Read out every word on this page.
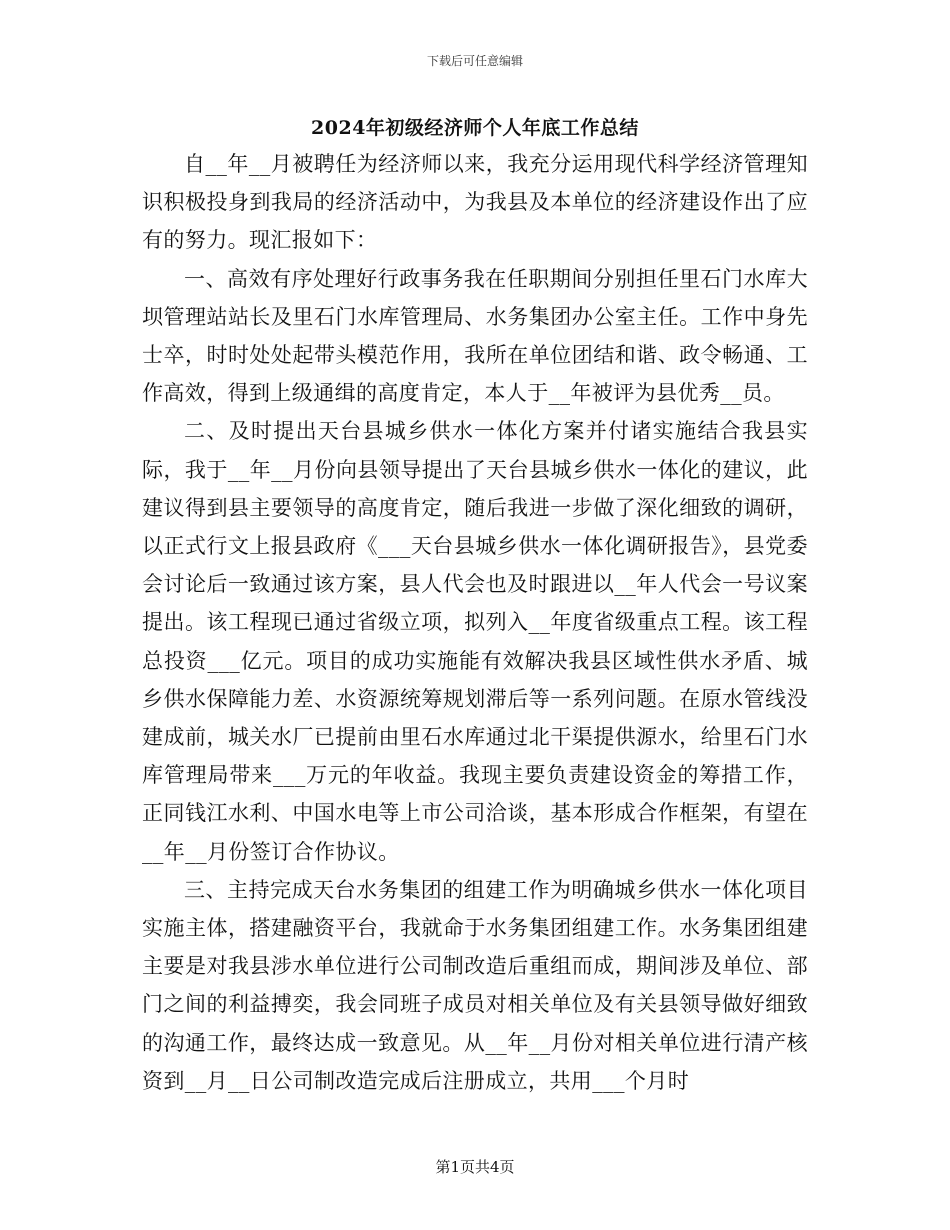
下载后可任意编辑
2024年初级经济师个人年底工作总结

自__年__月被聘任为经济师以来，我充分运用现代科学经济管理知识积极投身到我局的经济活动中，为我县及本单位的经济建设作出了应有的努力。现汇报如下：

一、高效有序处理好行政事务我在任职期间分别担任里石门水库大坝管理站站长及里石门水库管理局、水务集团办公室主任。工作中身先士卒，时时处处起带头模范作用，我所在单位团结和谐、政令畅通、工作高效，得到上级通缉的高度肯定，本人于__年被评为县优秀__员。

二、及时提出天台县城乡供水一体化方案并付诸实施结合我县实际，我于__年__月份向县领导提出了天台县城乡供水一体化的建议，此建议得到县主要领导的高度肯定，随后我进一步做了深化细致的调研，以正式行文上报县政府《___天台县城乡供水一体化调研报告》，县党委会讨论后一致通过该方案，县人代会也及时跟进以__年人代会一号议案提出。该工程现已通过省级立项，拟列入__年度省级重点工程。该工程总投资___亿元。项目的成功实施能有效解决我县区域性供水矛盾、城乡供水保障能力差、水资源统筹规划滞后等一系列问题。在原水管线没建成前，城关水厂已提前由里石水库通过北干渠提供源水，给里石门水库管理局带来___万元的年收益。我现主要负责建设资金的筹措工作，正同钱江水利、中国水电等上市公司洽谈，基本形成合作框架，有望在__年__月份签订合作协议。

三、主持完成天台水务集团的组建工作为明确城乡供水一体化项目实施主体，搭建融资平台，我就命于水务集团组建工作。水务集团组建主要是对我县涉水单位进行公司制改造后重组而成，期间涉及单位、部门之间的利益搏奕，我会同班子成员对相关单位及有关县领导做好细致的沟通工作，最终达成一致意见。从__年__月份对相关单位进行清产核资到__月__日公司制改造完成后注册成立，共用___个月时

第1页共4页
